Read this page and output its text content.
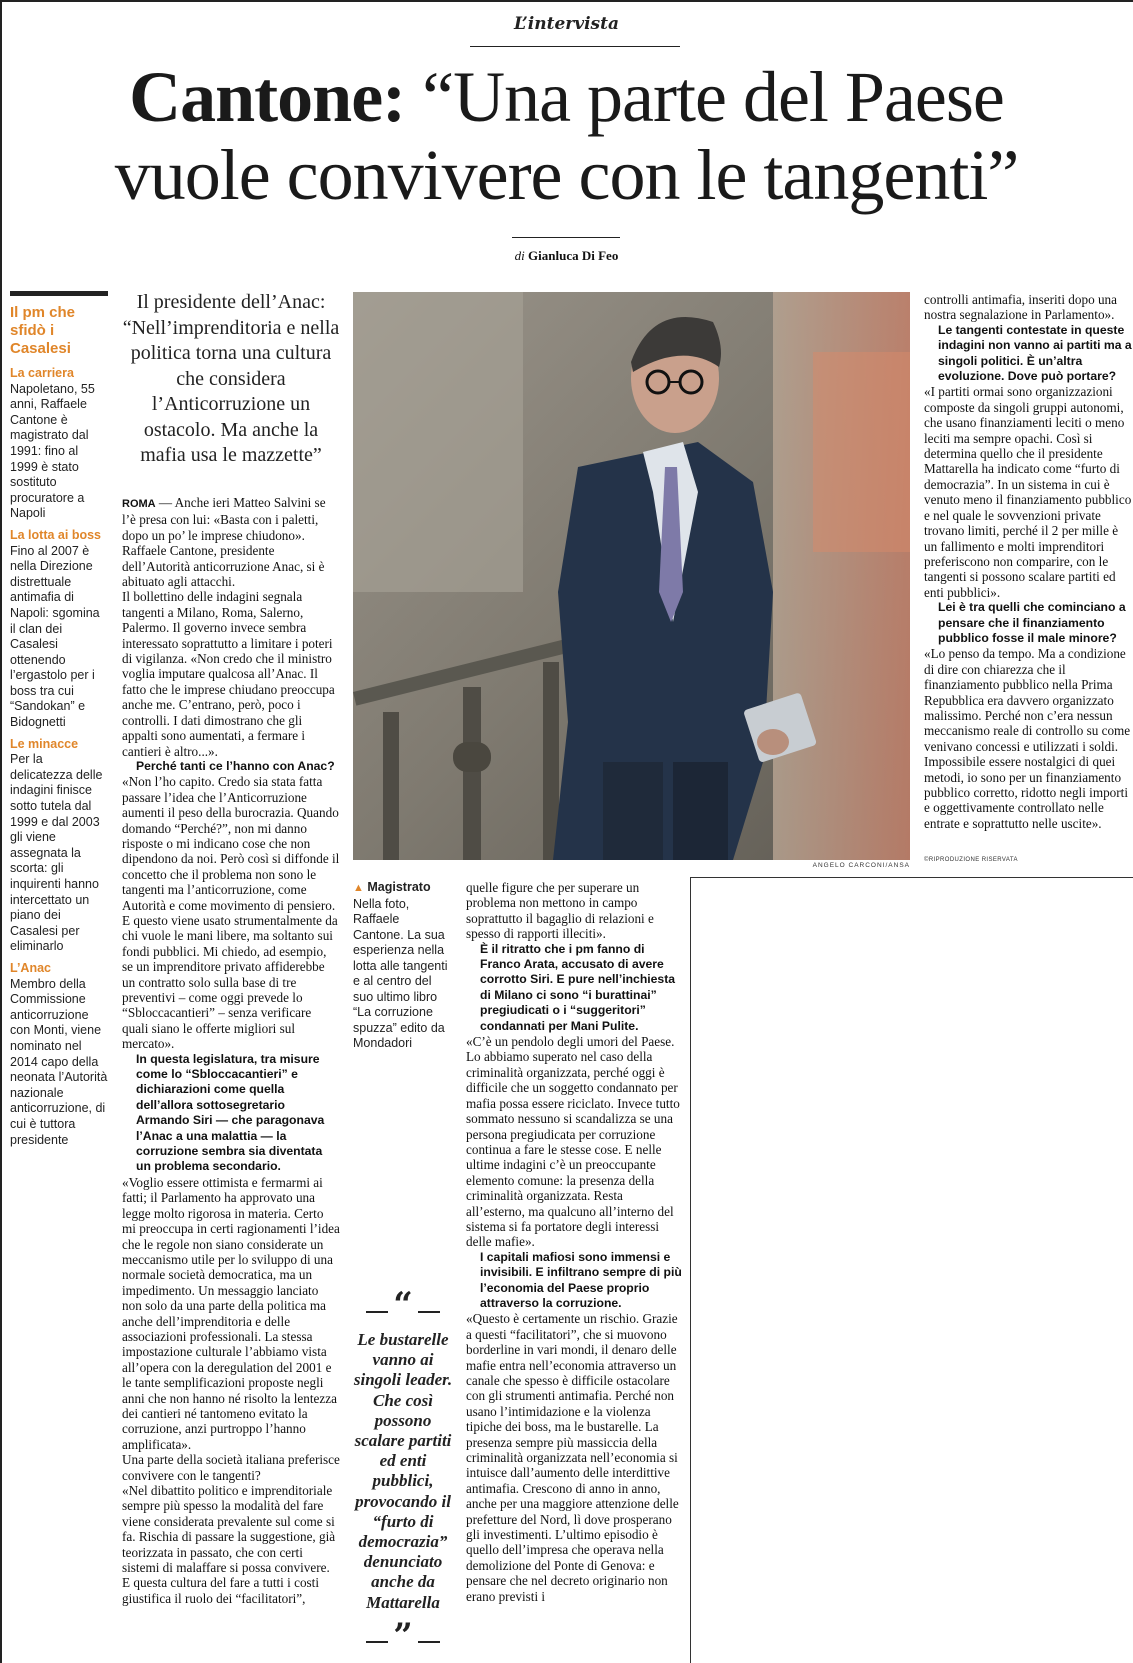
L’intervista
Cantone: “Una parte del Paese
vuole convivere con le tangenti”
di Gianluca Di Feo
Il pm che sfidò i Casalesi
La carriera
Napoletano, 55 anni, Raffaele Cantone è magistrato dal 1991: fino al 1999 è stato sostituto procuratore a Napoli
La lotta ai boss
Fino al 2007 è nella Direzione distrettuale antimafia di Napoli: sgomina il clan dei Casalesi ottenendo l’ergastolo per i boss tra cui “Sandokan” e Bidognetti
Le minacce
Per la delicatezza delle indagini finisce sotto tutela dal 1999 e dal 2003 gli viene assegnata la scorta: gli inquirenti hanno intercettato un piano dei Casalesi per eliminarlo
L’Anac
Membro della Commissione anticorruzione con Monti, viene nominato nel 2014 capo della neonata l’Autorità nazionale anticorruzione, di cui è tuttora presidente
Il presidente dell’Anac: “Nell’imprenditoria e nella politica torna una cultura che considera l’Anticorruzione un ostacolo. Ma anche la mafia usa le mazzette”

ROMA — Anche ieri Matteo Salvini se l’è presa con lui: «Basta con i paletti, dopo un po’ le imprese chiudono». Raffaele Cantone, presidente dell’Autorità anticorruzione Anac, si è abituato agli attacchi.

Il bollettino delle indagini segnala tangenti a Milano, Roma, Salerno, Palermo. Il governo invece sembra interessato soprattutto a limitare i poteri di vigilanza. «Non credo che il ministro voglia imputare qualcosa all’Anac. Il fatto che le imprese chiudano preoccupa anche me. C’entrano, però, poco i controlli. I dati dimostrano che gli appalti sono aumentati, a fermare i cantieri è altro...».

Perché tanti ce l’hanno con Anac?

«Non l’ho capito. Credo sia stata fatta passare l’idea che l’Anticorruzione aumenti il peso della burocrazia. Quando domando “Perché?”, non mi danno risposte o mi indicano cose che non dipendono da noi. Però così si diffonde il concetto che il problema non sono le tangenti ma l’anticorruzione, come Autorità e come movimento di pensiero. E questo viene usato strumentalmente da chi vuole le mani libere, ma soltanto sui fondi pubblici. Mi chiedo, ad esempio, se un imprenditore privato affiderebbe un contratto solo sulla base di tre preventivi – come oggi prevede lo “Sbloccacantieri” – senza verificare quali siano le offerte migliori sul mercato».

In questa legislatura, tra misure come lo “Sbloccacantieri” e dichiarazioni come quella dell’allora sottosegretario Armando Siri — che paragonava l’Anac a una malattia — la corruzione sembra sia diventata un problema secondario.

«Voglio essere ottimista e fermarmi ai fatti; il Parlamento ha approvato una legge molto rigorosa in materia. Certo mi preoccupa in certi ragionamenti l’idea che le regole non siano considerate un meccanismo utile per lo sviluppo di una normale società democratica, ma un impedimento. Un messaggio lanciato non solo da una parte della politica ma anche dell’imprenditoria e delle associazioni professionali. La stessa impostazione culturale l’abbiamo vista all’opera con la deregulation del 2001 e le tante semplificazioni proposte negli anni che non hanno né risolto la lentezza dei cantieri né tantomeno evitato la corruzione, anzi purtroppo l’hanno amplificata».

Una parte della società italiana preferisce convivere con le tangenti?

«Nel dibattito politico e imprenditoriale sempre più spesso la modalità del fare viene considerata prevalente sul come si fa. Rischia di passare la suggestione, già teorizzata in passato, che con certi sistemi di malaffare si possa convivere. E questa cultura del fare a tutti i costi giustifica il ruolo dei “facilitatori”,

ANGELO CARCONI/ANSA

controlli antimafia, inseriti dopo una nostra segnalazione in Parlamento».

Le tangenti contestate in queste indagini non vanno ai partiti ma a singoli politici. È un’altra evoluzione. Dove può portare?

«I partiti ormai sono organizzazioni composte da singoli gruppi autonomi, che usano finanziamenti leciti o meno leciti ma sempre opachi. Così si determina quello che il presidente Mattarella ha indicato come “furto di democrazia”. In un sistema in cui è venuto meno il finanziamento pubblico e nel quale le sovvenzioni private trovano limiti, perché il 2 per mille è un fallimento e molti imprenditori preferiscono non comparire, con le tangenti si possono scalare partiti ed enti pubblici».

Lei è tra quelli che cominciano a pensare che il finanziamento pubblico fosse il male minore?

«Lo penso da tempo. Ma a condizione di dire con chiarezza che il finanziamento pubblico nella Prima Repubblica era davvero organizzato malissimo. Perché non c’era nessun meccanismo reale di controllo su come venivano concessi e utilizzati i soldi. Impossibile essere nostalgici di quei metodi, io sono per un finanziamento pubblico corretto, ridotto negli importi e oggettivamente controllato nelle entrate e soprattutto nelle uscite».

©RIPRODUZIONE RISERVATA
▲ Magistrato
Nella foto, Raffaele Cantone. La sua esperienza nella lotta alle tangenti e al centro del suo ultimo libro “La corruzione spuzza” edito da Mondadori
“
Le bustarelle vanno ai singoli leader. Che così possono scalare partiti ed enti pubblici, provocando il “furto di democrazia” denunciato anche da Mattarella
”

quelle figure che per superare un problema non mettono in campo soprattutto il bagaglio di relazioni e spesso di rapporti illeciti».

È il ritratto che i pm fanno di Franco Arata, accusato di avere corrotto Siri. E pure nell’inchiesta di Milano ci sono “i burattinai” pregiudicati o i “suggeritori” condannati per Mani Pulite.

«C’è un pendolo degli umori del Paese. Lo abbiamo superato nel caso della criminalità organizzata, perché oggi è difficile che un soggetto condannato per mafia possa essere riciclato. Invece tutto sommato nessuno si scandalizza se una persona pregiudicata per corruzione continua a fare le stesse cose. E nelle ultime indagini c’è un preoccupante elemento comune: la presenza della criminalità organizzata. Resta all’esterno, ma qualcuno all’interno del sistema si fa portatore degli interessi delle mafie».

I capitali mafiosi sono immensi e invisibili. E infiltrano sempre di più l’economia del Paese proprio attraverso la corruzione.

«Questo è certamente un rischio. Grazie a questi “facilitatori”, che si muovono borderline in vari mondi, il denaro delle mafie entra nell’economia attraverso un canale che spesso è difficile ostacolare con gli strumenti antimafia. Perché non usano l’intimidazione e la violenza tipiche dei boss, ma le bustarelle. La presenza sempre più massiccia della criminalità organizzata nell’economia si intuisce dall’aumento delle interdittive antimafia. Crescono di anno in anno, anche per una maggiore attenzione delle prefetture del Nord, lì dove prosperano gli investimenti. L’ultimo episodio è quello dell’impresa che operava nella demolizione del Ponte di Genova: e pensare che nel decreto originario non erano previsti i
